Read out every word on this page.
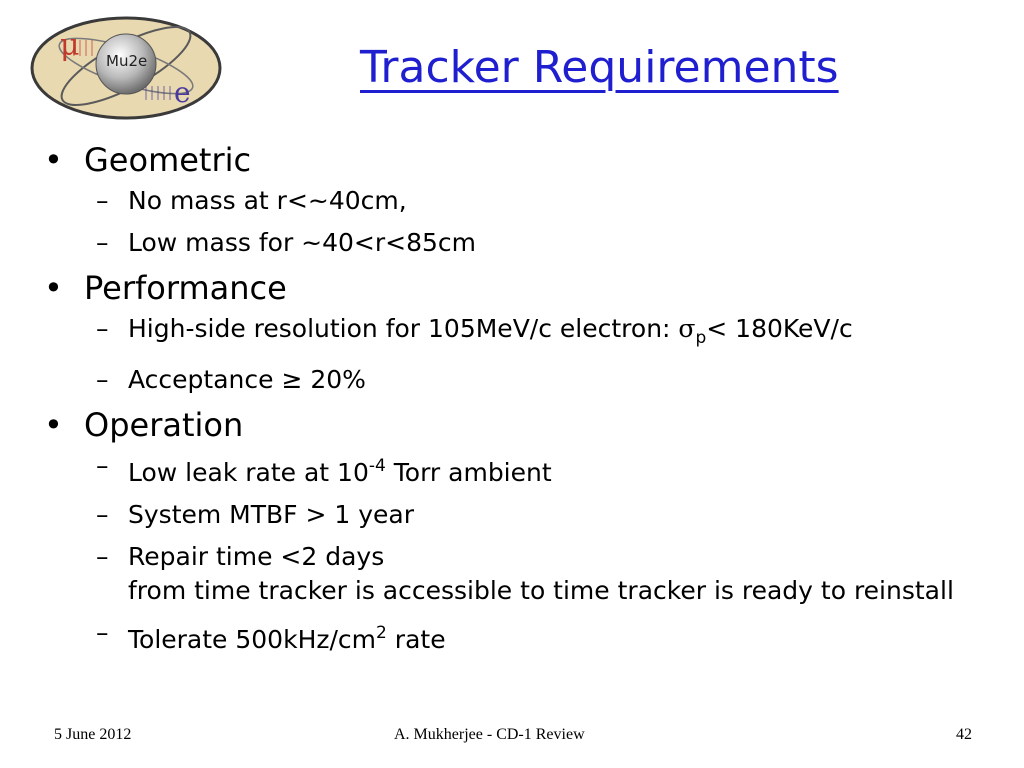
μ Mu2e
e	Tracker Requirements
• Geometric
– No mass at r<~40cm,
– Low mass for ~40<r<85cm
• Performance
– High-side resolution for 105MeV/c electron: $\sigma_p< 180KeV/c$
– Acceptance ≥ 20%
• Operation
– Low leak rate at $10^{-4}$ Torr ambient
– System MTBF > 1 year
– Repair time <2 days
from time tracker is accessible to time tracker is ready to reinstall
– Tolerate $500kHz/cm^2$ rate
5 June 2012	A. Mukherjee - CD-1 Review	42
